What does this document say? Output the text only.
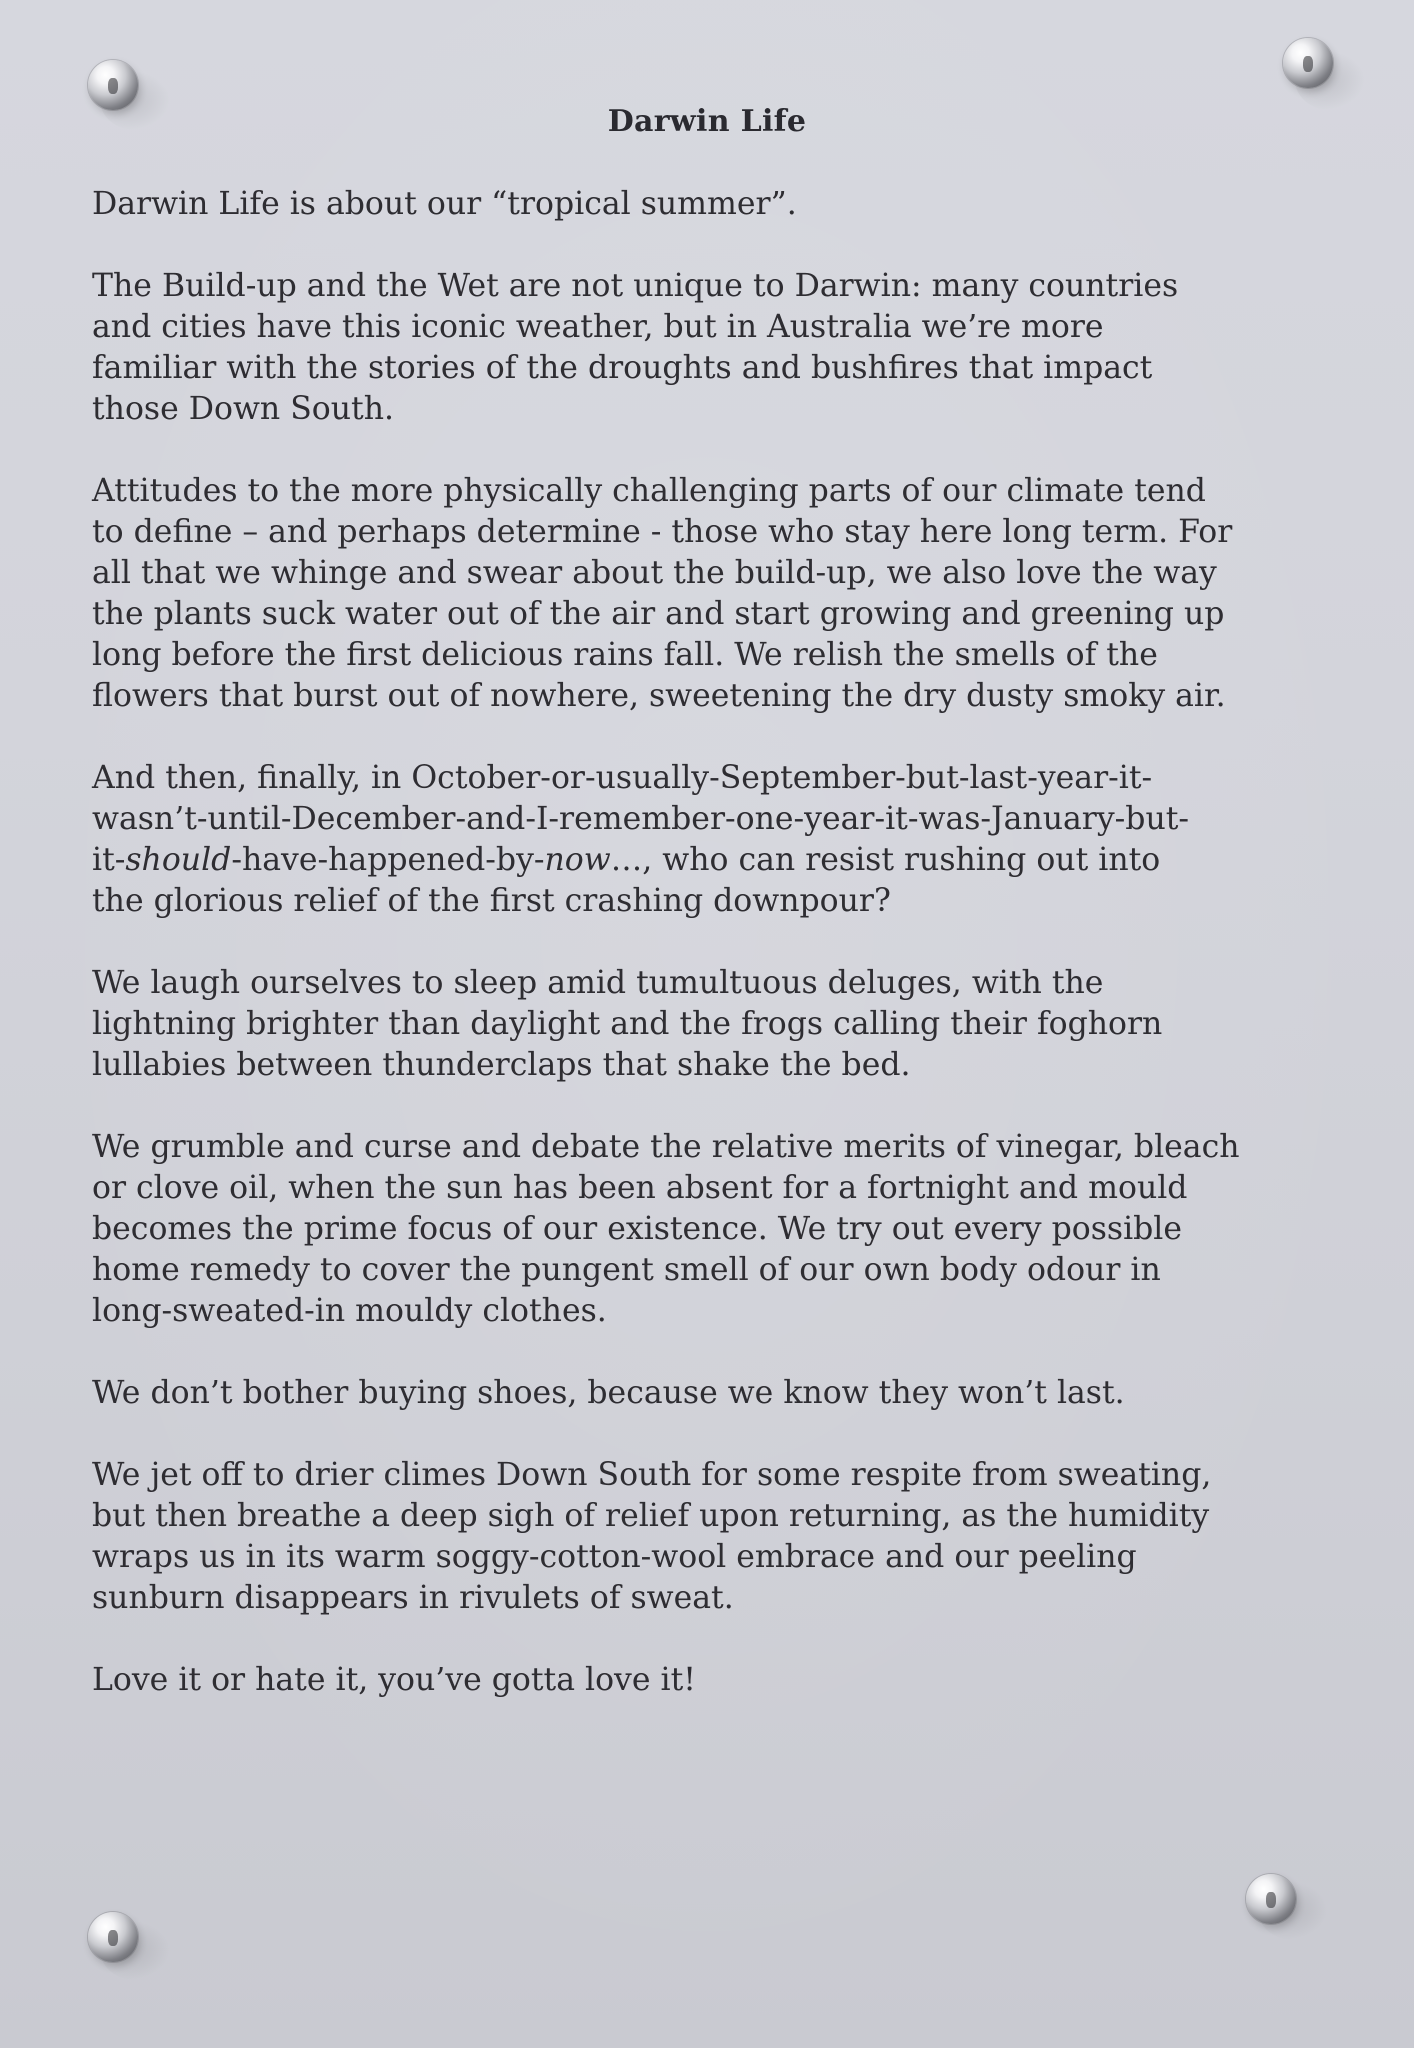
Darwin Life

Darwin Life is about our “tropical summer”.

The Build-up and the Wet are not unique to Darwin: many countries
and cities have this iconic weather, but in Australia we’re more
familiar with the stories of the droughts and bushfires that impact
those Down South.

Attitudes to the more physically challenging parts of our climate tend
to define – and perhaps determine - those who stay here long term. For
all that we whinge and swear about the build-up, we also love the way
the plants suck water out of the air and start growing and greening up
long before the first delicious rains fall. We relish the smells of the
flowers that burst out of nowhere, sweetening the dry dusty smoky air.

And then, finally, in October-or-usually-September-but-last-year-it-
wasn’t-until-December-and-I-remember-one-year-it-was-January-but-
it-should-have-happened-by-now…, who can resist rushing out into
the glorious relief of the first crashing downpour?

We laugh ourselves to sleep amid tumultuous deluges, with the
lightning brighter than daylight and the frogs calling their foghorn
lullabies between thunderclaps that shake the bed.

We grumble and curse and debate the relative merits of vinegar, bleach
or clove oil, when the sun has been absent for a fortnight and mould
becomes the prime focus of our existence. We try out every possible
home remedy to cover the pungent smell of our own body odour in
long-sweated-in mouldy clothes.

We don’t bother buying shoes, because we know they won’t last.

We jet off to drier climes Down South for some respite from sweating,
but then breathe a deep sigh of relief upon returning, as the humidity
wraps us in its warm soggy-cotton-wool embrace and our peeling
sunburn disappears in rivulets of sweat.

Love it or hate it, you’ve gotta love it!
